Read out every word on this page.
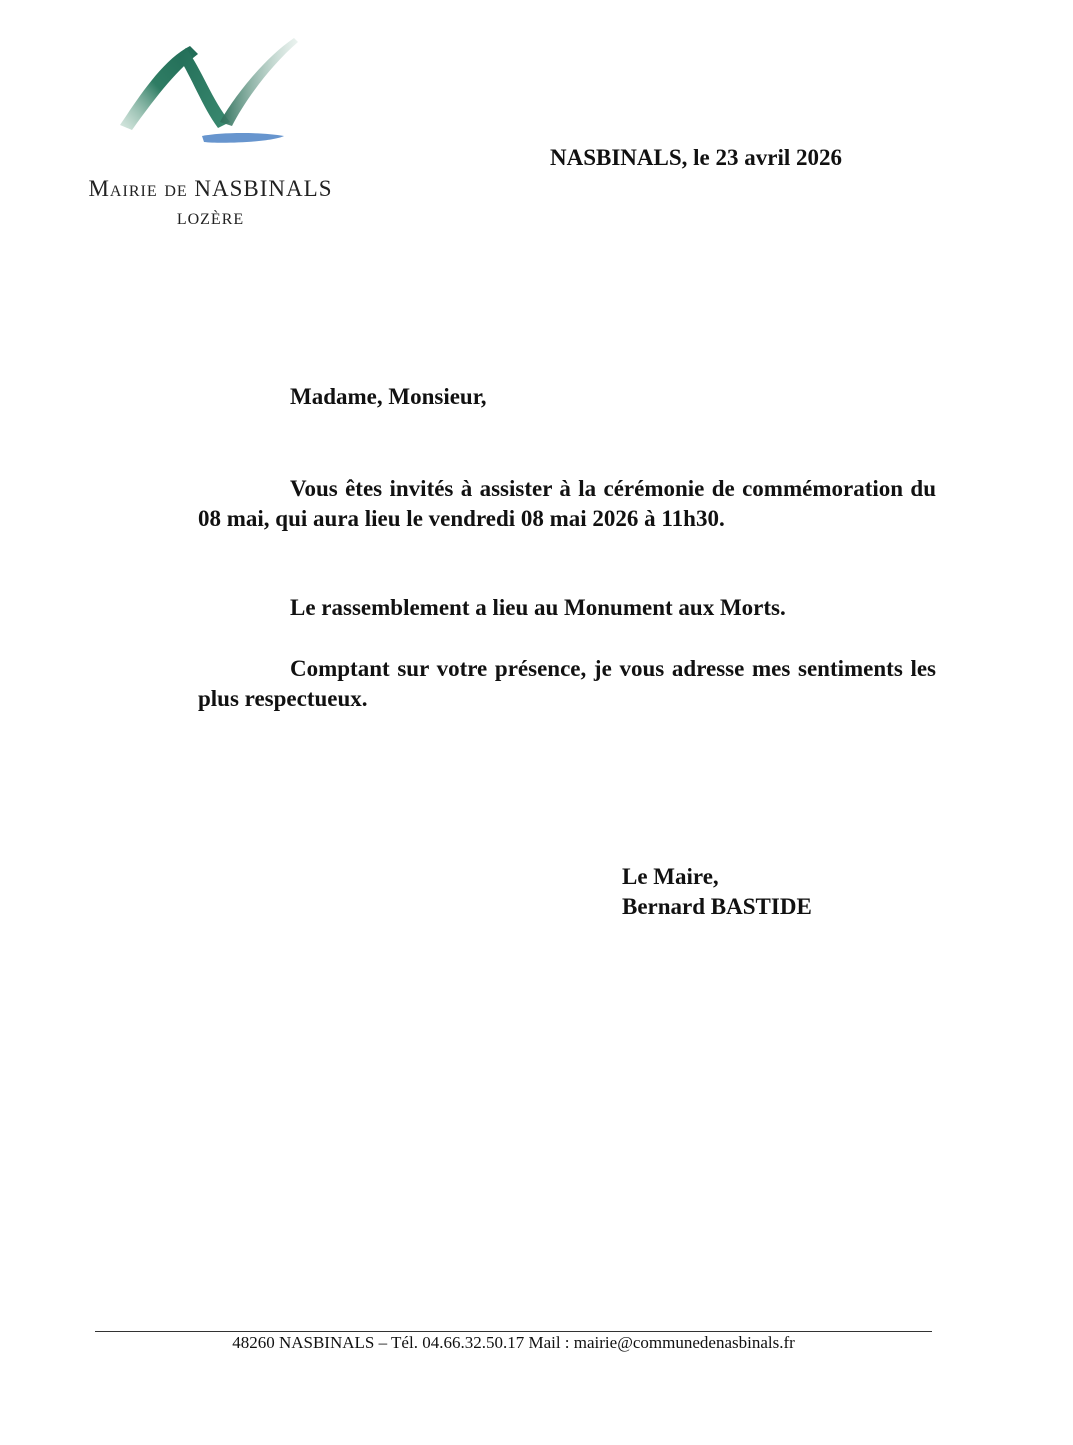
Mairie de NASBINALS
LOZÈRE
NASBINALS, le 23 avril 2026
Madame, Monsieur,

Vous êtes invités à assister à la cérémonie de commémoration du 08 mai, qui aura lieu le vendredi 08 mai 2026 à 11h30.

Le rassemblement a lieu au Monument aux Morts.

Comptant sur votre présence, je vous adresse mes sentiments les plus respectueux.

Le Maire,
Bernard BASTIDE
48260 NASBINALS – Tél. 04.66.32.50.17 Mail : mairie@communedenasbinals.fr
